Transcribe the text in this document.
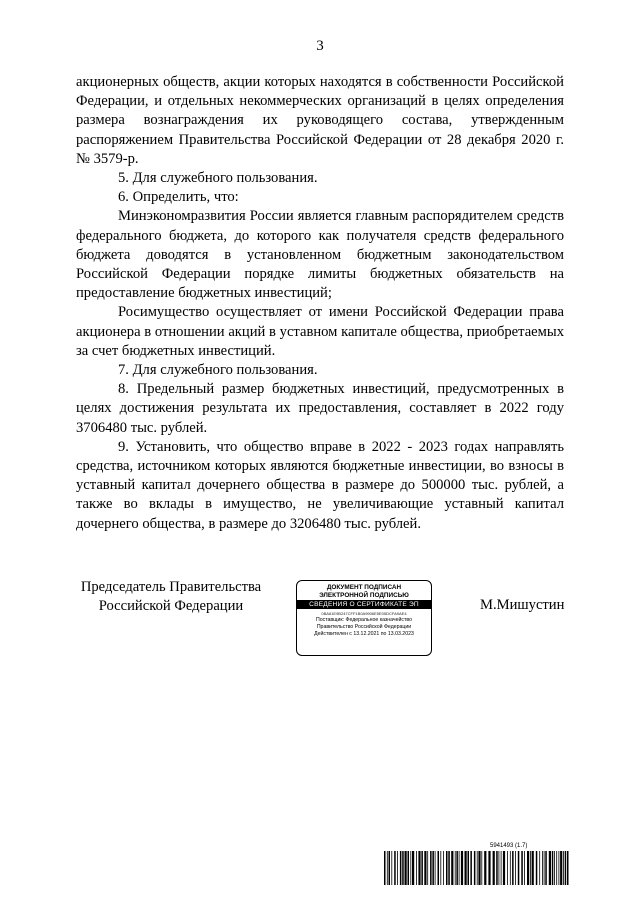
3

акционерных обществ, акции которых находятся в собственности Российской Федерации, и отдельных некоммерческих организаций в целях определения размера вознаграждения их руководящего состава, утвержденным распоряжением Правительства Российской Федерации от 28 декабря 2020 г. № 3579-р.

5. Для служебного пользования.

6. Определить, что:

Минэкономразвития России является главным распорядителем средств федерального бюджета, до которого как получателя средств федерального бюджета доводятся в установленном бюджетным законодательством Российской Федерации порядке лимиты бюджетных обязательств на предоставление бюджетных инвестиций;

Росимущество осуществляет от имени Российской Федерации права акционера в отношении акций в уставном капитале общества, приобретаемых за счет бюджетных инвестиций.

7. Для служебного пользования.

8. Предельный размер бюджетных инвестиций, предусмотренных в целях достижения результата их предоставления, составляет в 2022 году 3706480 тыс. рублей.

9. Установить, что общество вправе в 2022 - 2023 годах направлять средства, источником которых являются бюджетные инвестиции, во взносы в уставный капитал дочернего общества в размере до 500000 тыс. рублей, а также во вклады в имущество, не увеличивающие уставный капитал дочернего общества, в размере до 3206480 тыс. рублей.

Председатель Правительства
Российской Федерации
ДОКУМЕНТ ПОДПИСАН
ЭЛЕКТРОННОЙ ПОДПИСЬЮ
СВЕДЕНИЯ О СЕРТИФИКАТЕ ЭП
0BA61E9B247CFF1B0A9906E5E05DCFA9AE4
Поставщик: Федеральное казначейство
Правительство Российской Федерации
Действителен с 13.12.2021 по 13.03.2023
М.Мишустин
5941493 (1.7)
